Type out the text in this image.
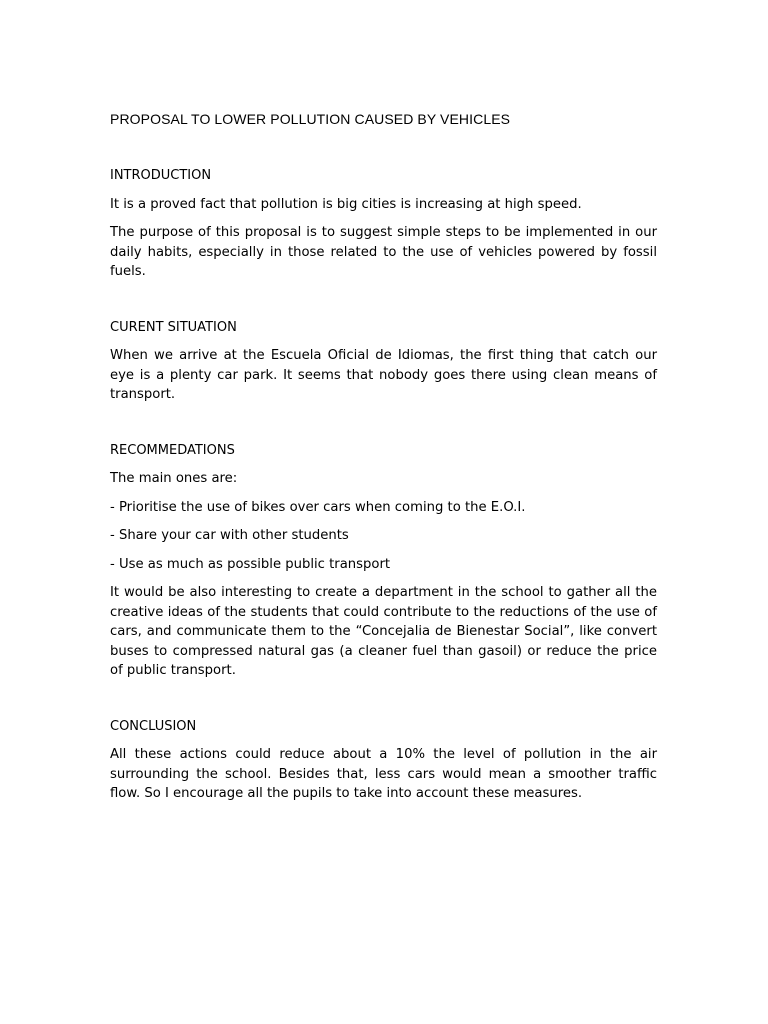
PROPOSAL TO LOWER POLLUTION CAUSED BY VEHICLES
INTRODUCTION

It is a proved fact that pollution is big cities is increasing at high speed.

The purpose of this proposal is to suggest simple steps to be implemented in our daily habits, especially in those related to the use of vehicles powered by fossil fuels.

CURENT SITUATION

When we arrive at the Escuela Oficial de Idiomas, the first thing that catch our eye is a plenty car park. It seems that nobody goes there using clean means of transport.

RECOMMEDATIONS

The main ones are:

- Prioritise the use of bikes over cars when coming to the E.O.I.

- Share your car with other students

- Use as much as possible public transport

It would be also interesting to create a department in the school to gather all the creative ideas of the students that could contribute to the reductions of the use of cars, and communicate them to the “Concejalia de Bienestar Social”, like convert buses to compressed natural gas (a cleaner fuel than gasoil) or reduce the price of public transport.

CONCLUSION

All these actions could reduce about a 10% the level of pollution in the air surrounding the school. Besides that, less cars would mean a smoother traffic flow. So I encourage all the pupils to take into account these measures.
